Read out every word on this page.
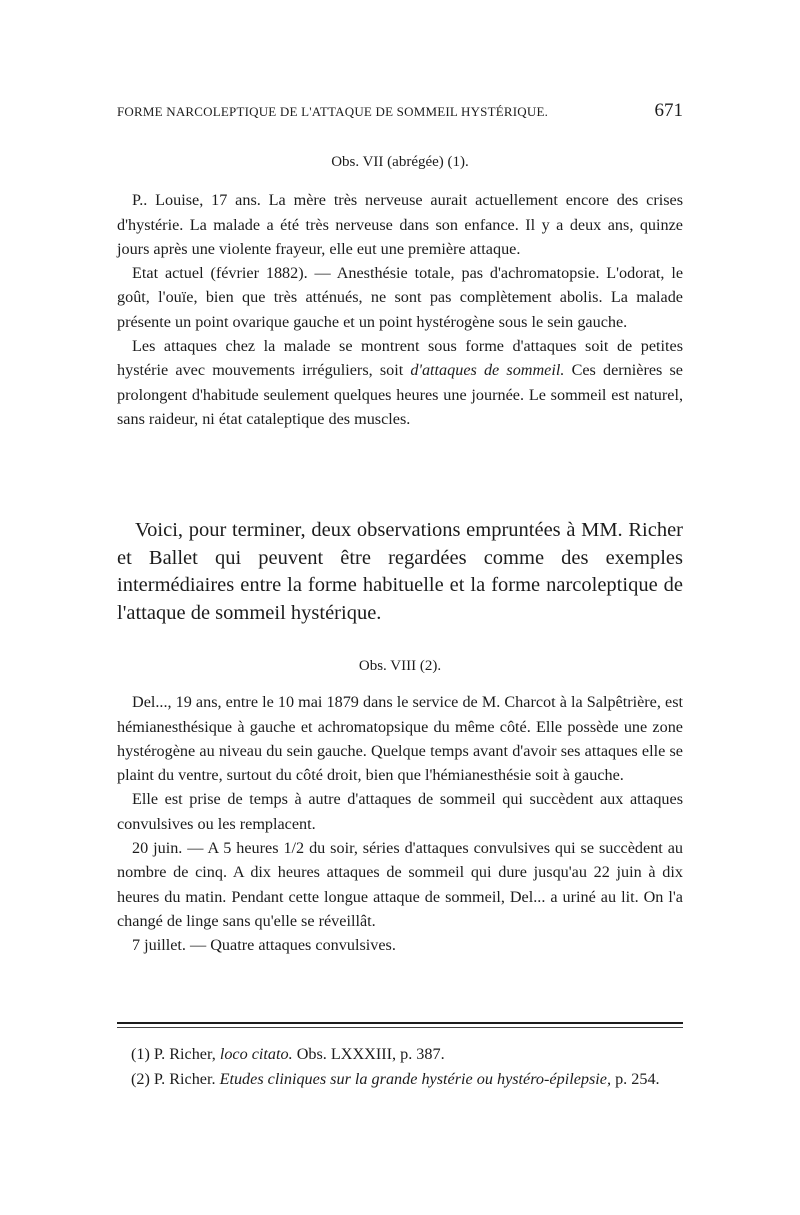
FORME NARCOLEPTIQUE DE L'ATTAQUE DE SOMMEIL HYSTÉRIQUE.	671
Obs. VII (abrégée) (1).

P.. Louise, 17 ans. La mère très nerveuse aurait actuellement encore des crises d'hystérie. La malade a été très nerveuse dans son enfance. Il y a deux ans, quinze jours après une violente frayeur, elle eut une première attaque.

Etat actuel (février 1882). — Anesthésie totale, pas d'achromatopsie. L'odorat, le goût, l'ouïe, bien que très atténués, ne sont pas complètement abolis. La malade présente un point ovarique gauche et un point hystérogène sous le sein gauche.

Les attaques chez la malade se montrent sous forme d'attaques soit de petites hystérie avec mouvements irréguliers, soit d'attaques de sommeil. Ces dernières se prolongent d'habitude seulement quelques heures une journée. Le sommeil est naturel, sans raideur, ni état cataleptique des muscles.

Voici, pour terminer, deux observations empruntées à MM. Richer et Ballet qui peuvent être regardées comme des exemples intermédiaires entre la forme habituelle et la forme narcoleptique de l'attaque de sommeil hystérique.

Obs. VIII (2).

Del..., 19 ans, entre le 10 mai 1879 dans le service de M. Charcot à la Salpêtrière, est hémianesthésique à gauche et achromatopsique du même côté. Elle possède une zone hystérogène au niveau du sein gauche. Quelque temps avant d'avoir ses attaques elle se plaint du ventre, surtout du côté droit, bien que l'hémianesthésie soit à gauche.

Elle est prise de temps à autre d'attaques de sommeil qui succèdent aux attaques convulsives ou les remplacent.

20 juin. — A 5 heures 1/2 du soir, séries d'attaques convulsives qui se succèdent au nombre de cinq. A dix heures attaques de sommeil qui dure jusqu'au 22 juin à dix heures du matin. Pendant cette longue attaque de sommeil, Del... a uriné au lit. On l'a changé de linge sans qu'elle se réveillât.

7 juillet. — Quatre attaques convulsives.

(1) P. Richer, loco citato. Obs. LXXXIII, p. 387.

(2) P. Richer. Etudes cliniques sur la grande hystérie ou hystéro-épilepsie, p. 254.
